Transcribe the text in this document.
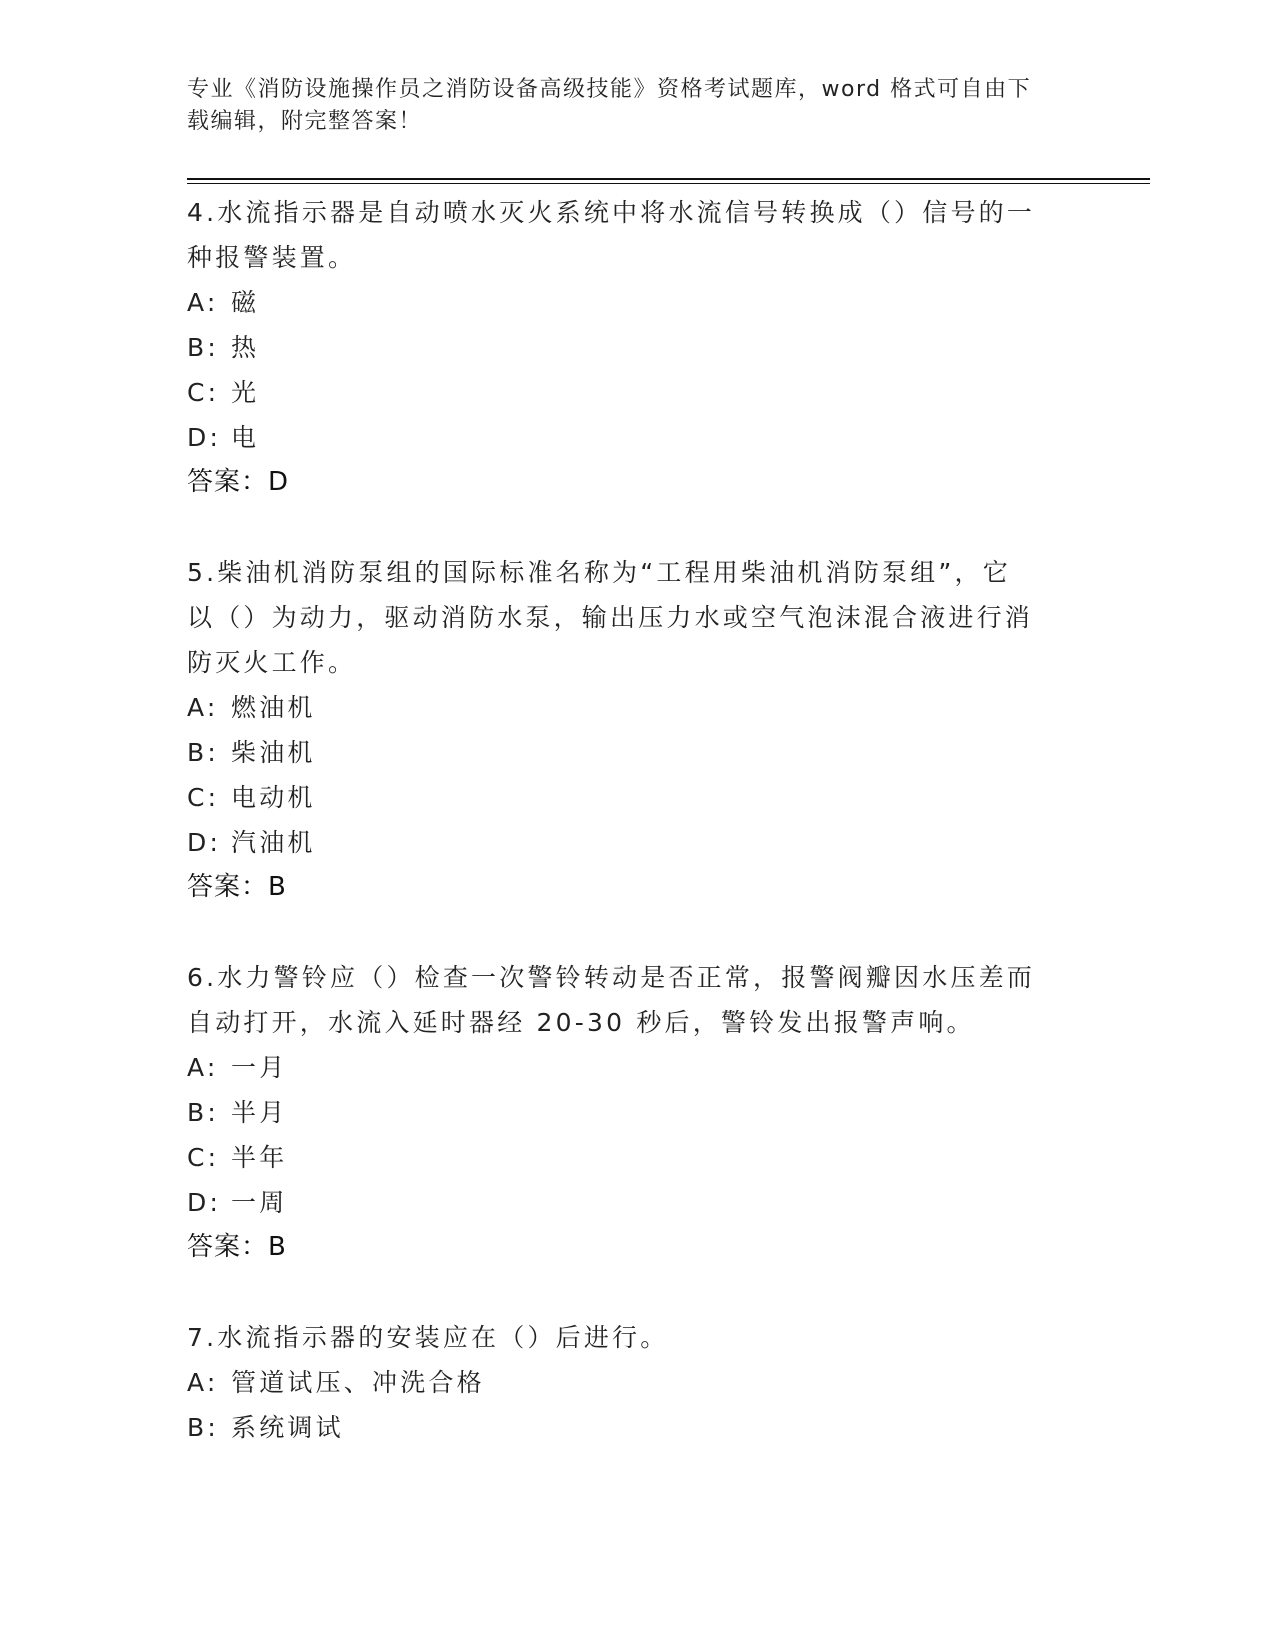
专业《消防设施操作员之消防设备高级技能》资格考试题库，word 格式可自由下
载编辑，附完整答案！
4.水流指示器是自动喷水灭火系统中将水流信号转换成（）信号的一
种报警装置。
A: 磁
B: 热
C: 光
D: 电
答案：D
5.柴油机消防泵组的国际标准名称为“工程用柴油机消防泵组”，它
以（）为动力，驱动消防水泵，输出压力水或空气泡沫混合液进行消
防灭火工作。
A: 燃油机
B: 柴油机
C: 电动机
D: 汽油机
答案：B
6.水力警铃应（）检查一次警铃转动是否正常，报警阀瓣因水压差而
自动打开，水流入延时器经 20-30 秒后，警铃发出报警声响。
A: 一月
B: 半月
C: 半年
D: 一周
答案：B
7.水流指示器的安装应在（）后进行。
A: 管道试压、冲洗合格
B: 系统调试
